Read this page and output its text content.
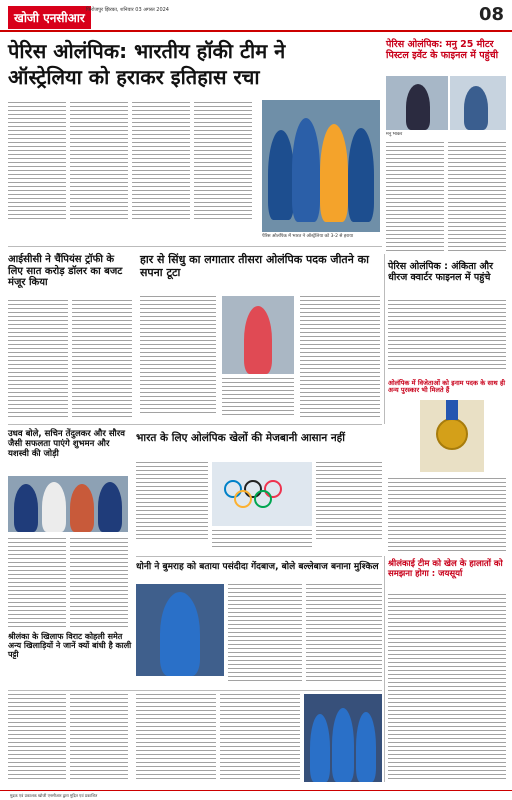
खोजी एनसीआर
फिरोजपुर झिरका, शनिवार 03 अगस्त 2024	08
पेरिस ओलंपिक: भारतीय हॉकी टीम ने
ऑस्ट्रेलिया को हराकर इतिहास रचा
पेरिस ओलंपिक में भारत ने ऑस्ट्रेलिया को 3-2 से हराया
पेरिस ओलंपिक: मनु 25 मीटर पिस्टल इवेंट के फाइनल में पहुंची
मनु भाकर
आईसीसी ने चैंपियंस ट्रॉफी के लिए सात करोड़ डॉलर का बजट मंजूर किया
हार से सिंधु का लगातार तीसरा ओलंपिक पदक जीतने का सपना टूटा	पेरिस ओलंपिक : अंकिता और धीरज क्वार्टर फाइनल में पहुंचे
ओलंपिक में विजेताओं को इनाम पदक के साथ ही अन्य पुरस्कार भी मिलते हैं
उधव बोले, सचिन तेंदुलकर और सौरव जैसी सफलता पाएंगे शुभमन और यशस्वी की जोड़ी
भारत के लिए ओलंपिक खेलों की मेजबानी आसान नहीं
धोनी ने बुमराह को बताया पसंदीदा गेंदबाज, बोले बल्लेबाज बनाना मुश्किल	श्रीलंकाई टीम को खेल के हालातों को समझना होगा : जयसूर्या
श्रीलंका के खिलाफ विराट कोहली समेत अन्य खिलाड़ियों ने जानें क्यों बांधी है काली पट्टी
मुद्रक एवं प्रकाशक खोजी एनसीआर द्वारा मुद्रित एवं प्रकाशित
